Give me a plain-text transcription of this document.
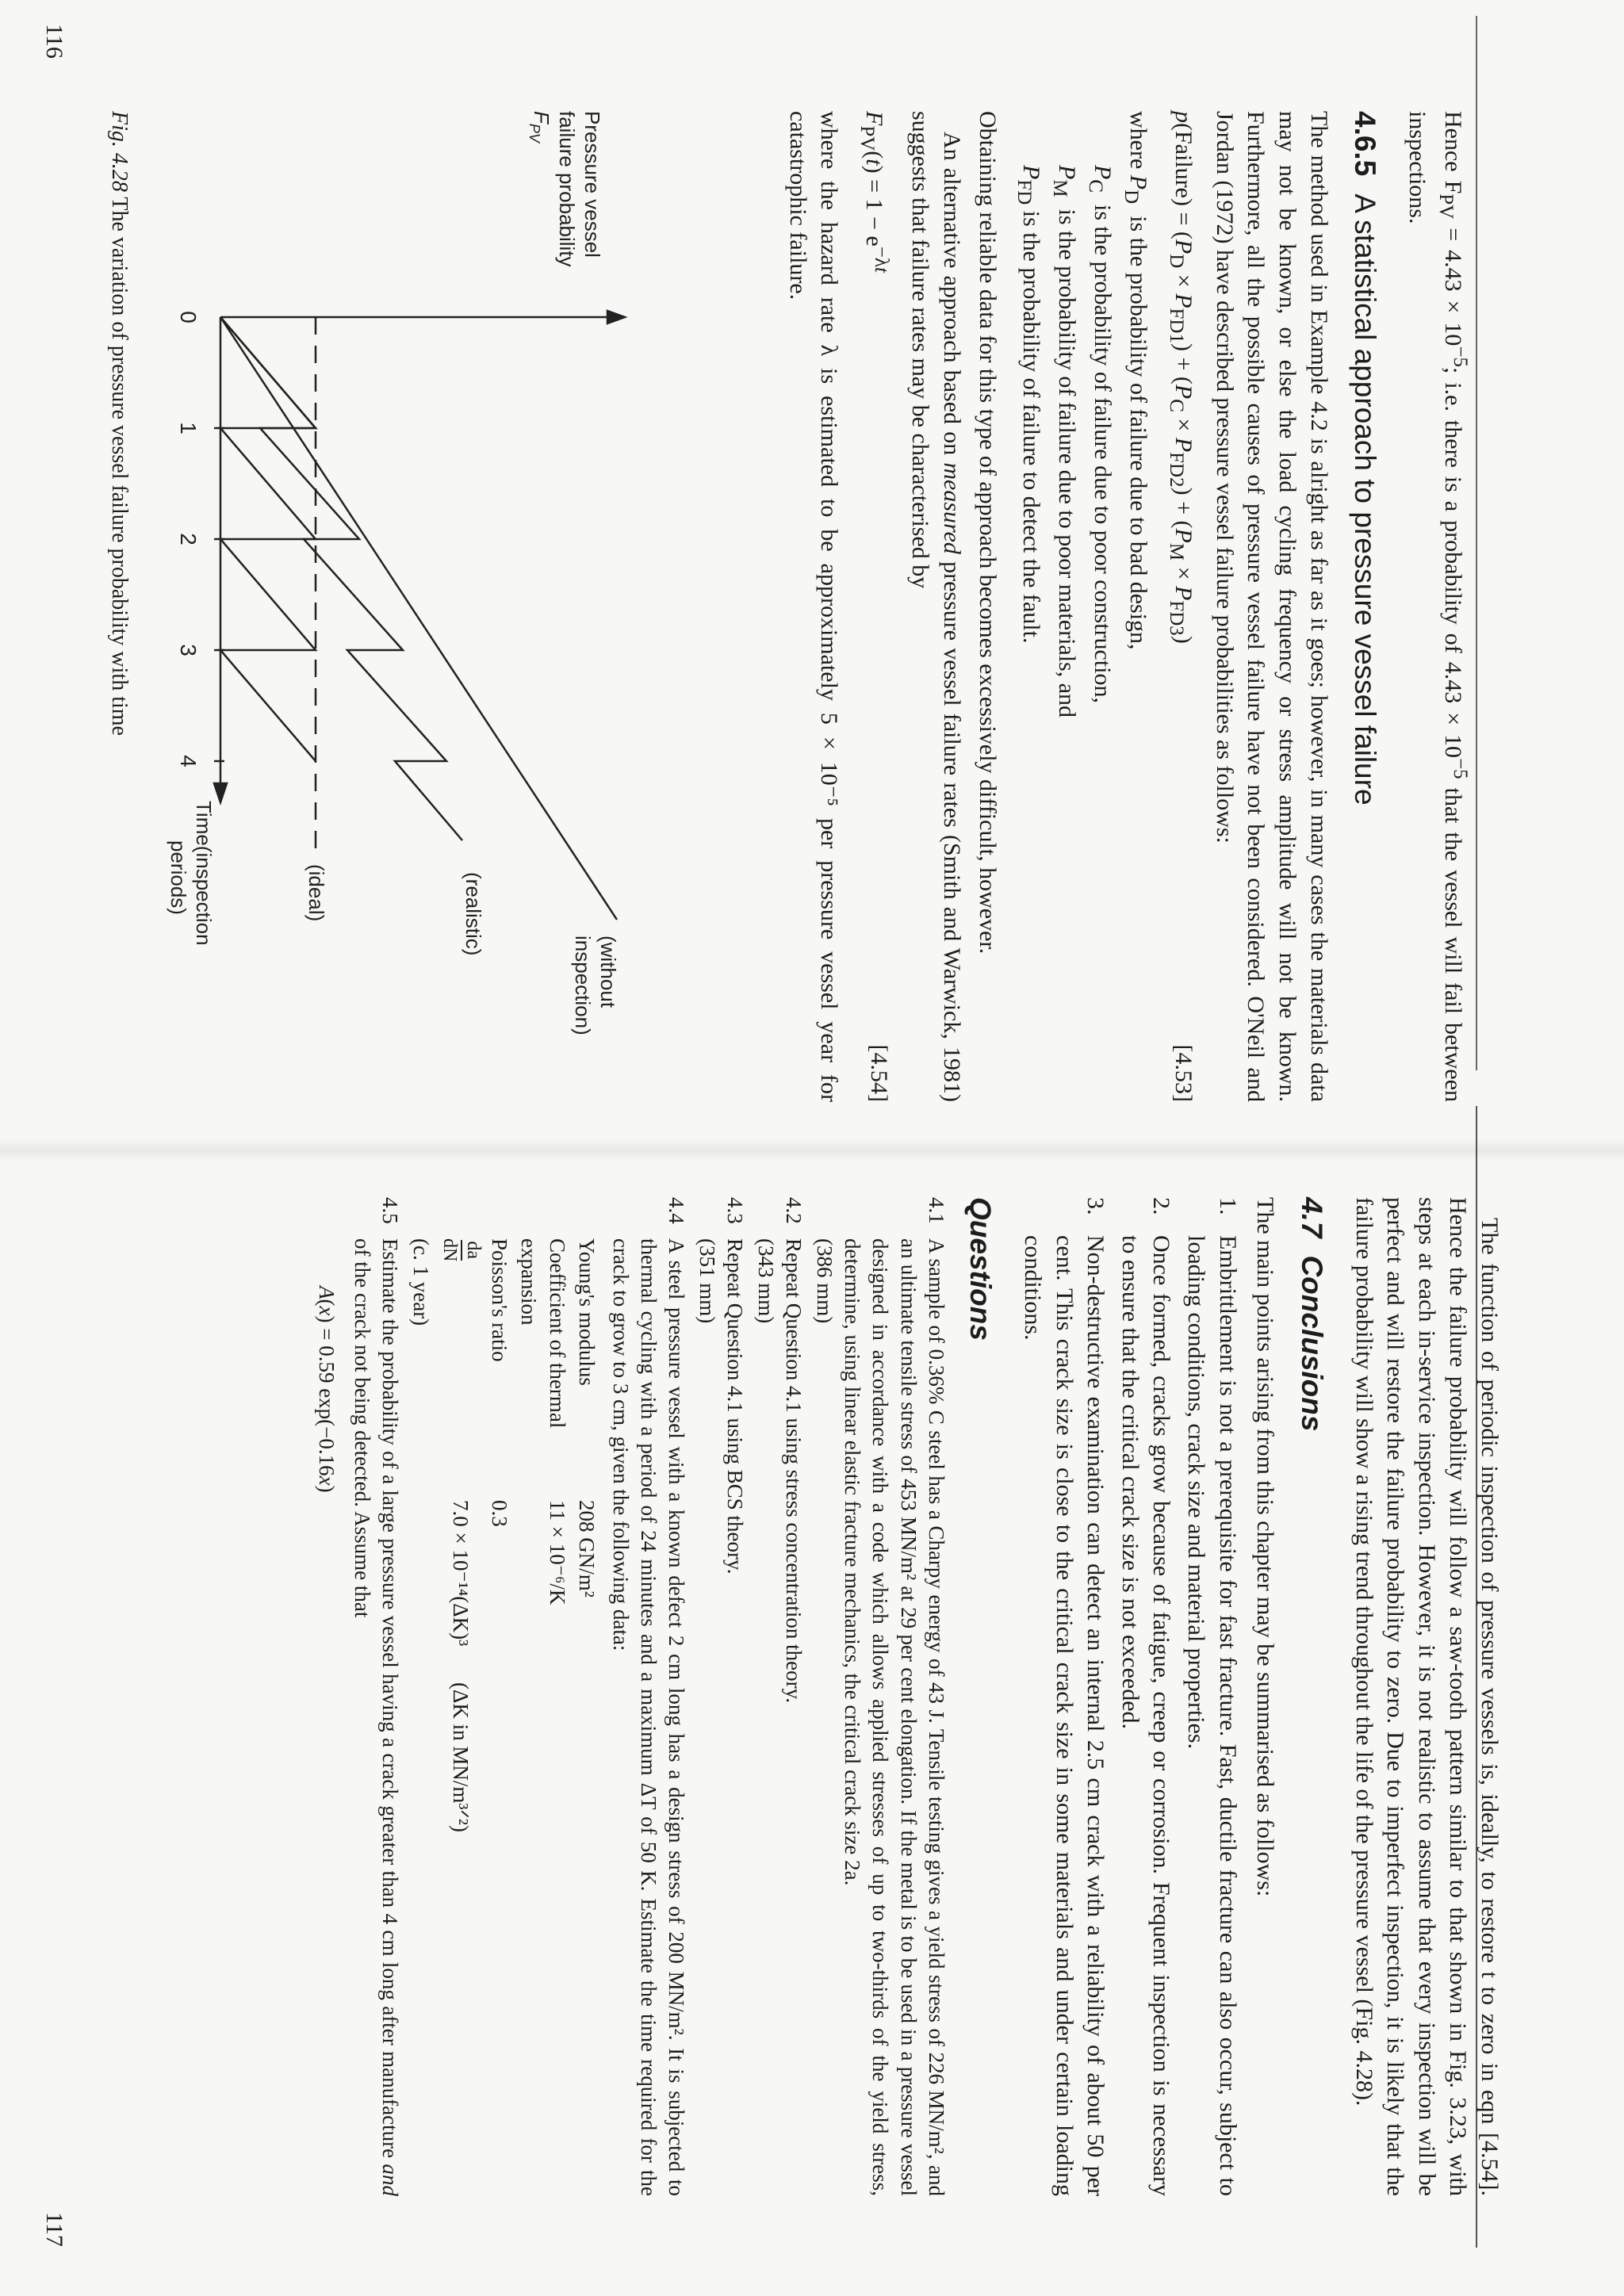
Hence $F_{PV} = 4.43 \times 10^{-5}$; i.e. there is a probability of $4.43 \times 10^{-5}$ that the vessel will fail between inspections.

4.6.5A statistical approach to pressure vessel failure

The method used in Example 4.2 is alright as far as it goes; however, in many cases the materials data may not be known, or else the load cycling frequency or stress amplitude will not be known. Furthermore, all the possible causes of pressure vessel failure have not been considered. O'Neil and Jordan (1972) have described pressure vessel failure probabilities as follows:

p(Failure) = $(P_D \times P_{FD1}) + (P_C \times P_{FD2}) + (P_M \times P_{FD3})$
[4.53]
where $P_D$  is the probability of failure due to bad design,
$P_C$  is the probability of failure due to poor construction,
$P_M$  is the probability of failure due to poor materials, and
$P_{FD}$ is the probability of failure to detect the fault.

Obtaining reliable data for this type of approach becomes excessively difficult, however.

An alternative approach based on measured pressure vessel failure rates (Smith and Warwick, 1981) suggests that failure rates may be characterised by

$F_{PV}(t) = 1 - e^{-\lambda t}$
[4.54]

where the hazard rate λ is estimated to be approximately 5 × 10⁻⁵ per pressure vessel year for catastrophic failure.

Pressure vessel
failure probability
$F_{PV}$
0
1
2
3
4
Time(inspection
periods)
(without
inspection)
(realistic)
(ideal)
Fig. 4.28 The variation of pressure vessel failure probability with time
116

The function of periodic inspection of pressure vessels is, ideally, to restore t to zero in eqn [4.54]. Hence the failure probability will follow a saw-tooth pattern similar to that shown in Fig. 3.23, with steps at each in-service inspection. However, it is not realistic to assume that every inspection will be perfect and will restore the failure probability to zero. Due to imperfect inspection, it is likely that the failure probability will show a rising trend throughout the life of the pressure vessel (Fig. 4.28).

4.7Conclusions

The main points arising from this chapter may be summarised as follows:

1.
Embrittlement is not a prerequisite for fast fracture. Fast, ductile fracture can also occur, subject to loading conditions, crack size and material properties.
2.
Once formed, cracks grow because of fatigue, creep or corrosion. Frequent inspection is necessary to ensure that the critical crack size is not exceeded.
3.
Non-destructive examination can detect an internal 2.5 cm crack with a reliability of about 50 per cent. This crack size is close to the critical crack size in some materials and under certain loading conditions.
Questions
4.1
A sample of 0.36% C steel has a Charpy energy of 43 J. Tensile testing gives a yield stress of 226 MN/m², and an ultimate tensile stress of 453 MN/m² at 29 per cent elongation. If the metal is to be used in a pressure vessel designed in accordance with a code which allows applied stresses of up to two-thirds of the yield stress, determine, using linear elastic fracture mechanics, the critical crack size 2a.
(386 mm)
4.2
Repeat Question 4.1 using stress concentration theory.
(343 mm)
4.3
Repeat Question 4.1 using BCS theory.
(351 mm)
4.4
A steel pressure vessel with a known defect 2 cm long has a design stress of 200 MN/m². It is subjected to thermal cycling with a period of 24 minutes and a maximum ΔT of 50 K. Estimate the time required for the crack to grow to 3 cm, given the following data:
Young's modulus
208 GN/m²
Coefficient of thermal expansion
11 × 10⁻⁶/K
Poisson's ratio
0.3
da
dN
7.0 × 10⁻¹⁴(ΔK)³
(ΔK in MN/m³ᐟ²)
(c. 1 year)
4.5
Estimate the probability of a large pressure vessel having a crack greater than 4 cm long after manufacture and of the crack not being detected. Assume that
A(x) = 0.59 exp(−0.16x)
117
